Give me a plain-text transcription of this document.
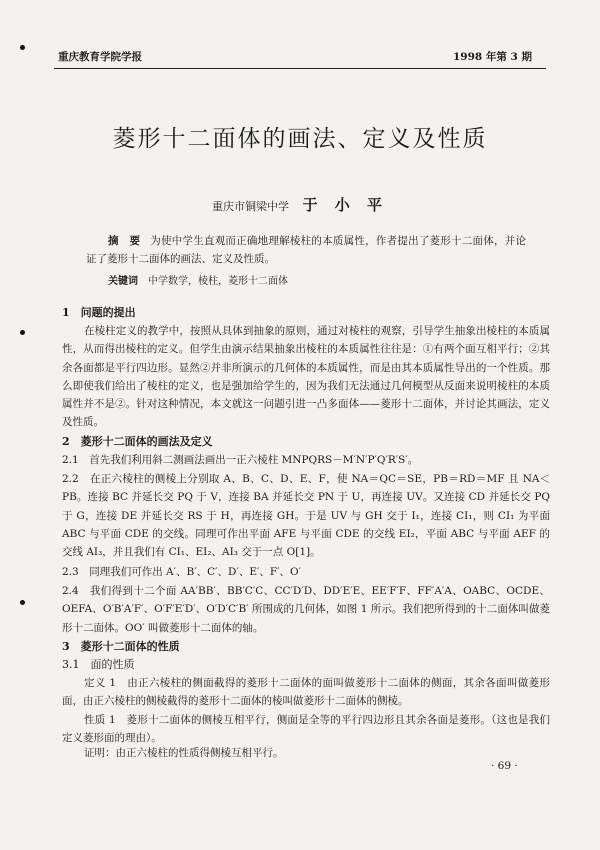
重庆教育学院学报	1998 年第 3 期
菱形十二面体的画法、定义及性质
重庆市铜梁中学 于 小 平
摘　要 为使中学生直观而正确地理解棱柱的本质属性，作者提出了菱形十二面体，并论证了菱形十二面体的画法、定义及性质。
关键词 中学数学，棱柱，菱形十二面体
1　问题的提出
在棱柱定义的教学中，按照从具体到抽象的原则，通过对棱柱的观察，引导学生抽象出棱柱的本质属性，从而得出棱柱的定义。但学生由演示结果抽象出棱柱的本质属性往往是：①有两个面互相平行；②其余各面都是平行四边形。显然②并非所演示的几何体的本质属性，而是由其本质属性导出的一个性质。那么即使我们给出了棱柱的定义，也是强加给学生的，因为我们无法通过几何模型从反面来说明棱柱的本质属性并不是②。针对这种情况，本文就这一问题引进一凸多面体——菱形十二面体，并讨论其画法，定义及性质。
2　菱形十二面体的画法及定义
2.1　首先我们利用斜二测画法画出一正六棱柱 MNPQRS－M′N′P′Q′R′S′。
2.2　在正六棱柱的侧棱上分别取 A、B、C、D、E、F，使 NA＝QC＝SE，PB＝RD＝MF 且 NA＜PB。连接 BC 并延长交 PQ 于 V，连接 BA 并延长交 PN 于 U，再连接 UV。又连接 CD 并延长交 PQ 于 G，连接 DE 并延长交 RS 于 H，再连接 GH。于是 UV 与 GH 交于 I₁，连接 CI₁，则 CI₁ 为平面 ABC 与平面 CDE 的交线。同理可作出平面 AFE 与平面 CDE 的交线 EI₂，平面 ABC 与平面 AEF 的交线 AI₃，并且我们有 CI₁、EI₂、AI₃ 交于一点 O[1]。
2.3　同理我们可作出 A′、B′、C′、D′、E′、F′、O′
2.4　我们得到十二个面 AA′BB′、BB′C′C、CC′D′D、DD′E′E、EE′F′F、FF′A′A、OABC、OCDE、OEFA、O′B′A′F′、O′F′E′D′、O′D′C′B′ 所围成的几何体，如图 1 所示。我们把所得到的十二面体叫做菱形十二面体。OO′ 叫做菱形十二面体的轴。
3　菱形十二面体的性质
3.1　面的性质
定义 1　由正六棱柱的侧面截得的菱形十二面体的面叫做菱形十二面体的侧面，其余各面叫做菱形面，由正六棱柱的侧棱截得的菱形十二面体的棱叫做菱形十二面体的侧棱。
性质 1　菱形十二面体的侧棱互相平行，侧面是全等的平行四边形且其余各面是菱形。（这也是我们定义菱形面的理由）。
证明：由正六棱柱的性质得侧棱互相平行。
· 69 ·
